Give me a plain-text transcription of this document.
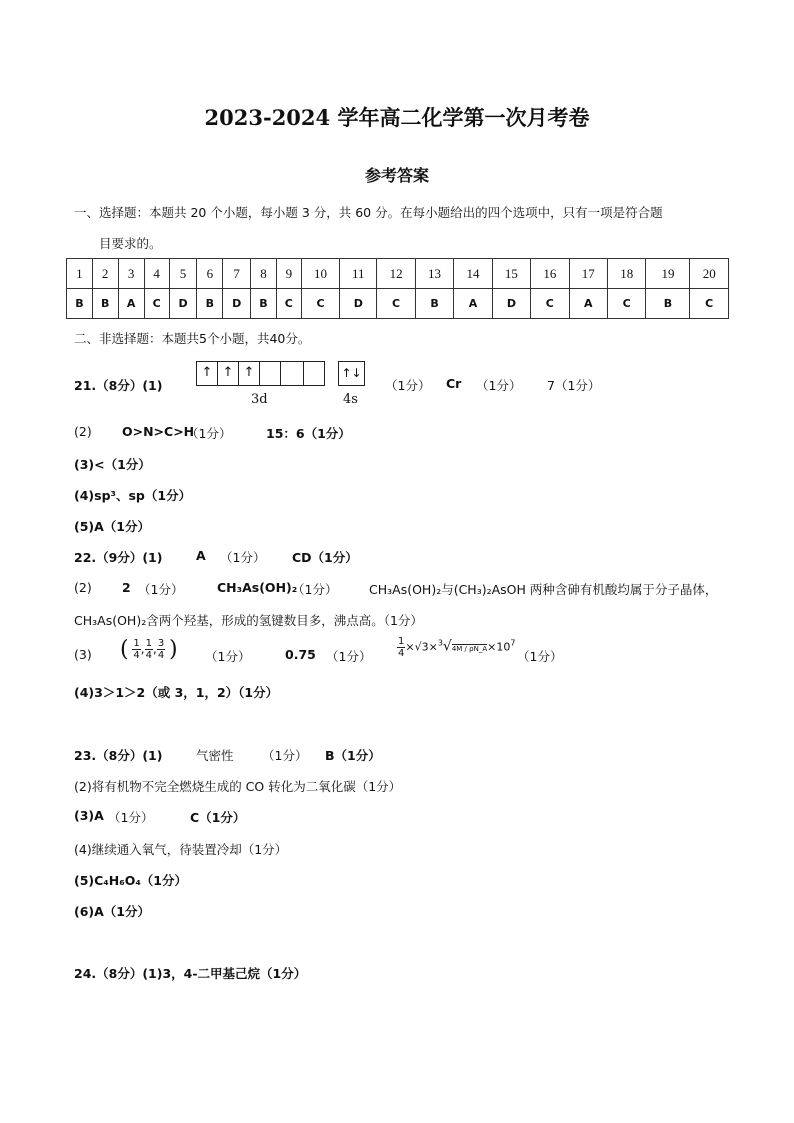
2023-2024 学年高二化学第一次月考卷
参考答案
一、选择题：本题共 20 个小题，每小题 3 分，共 60 分。在每小题给出的四个选项中，只有一项是符合题
目要求的。
1	2	3	4	5	6	7	8	9	10	11	12	13	14	15	16	17	18	19	20
B	B	A	C	D	B	D	B	C	C	D	C	B	A	D	C	A	C	B	C
二、非选择题：本题共5个小题，共40分。
21.（8分）(1)
↑ ↑ ↑	↑↓
3d	4s
（1分） Cr （1分） 7（1分）
(2) O>N>C>H
（1分）	15：6（1分）
(3)<（1分）
(4)sp³、sp（1分）
(5)A（1分）
22.（9分）(1)	A （1分） CD（1分）
(2) 2 （1分）	CH₃As(OH)₂
（1分）	CH₃As(OH)₂与(CH₃)₂AsOH 两种含砷有机酸均属于分子晶体，
CH₃As(OH)₂含两个羟基，形成的氢键数目多，沸点高。（1分）
(3) ( $\frac{1}{4}$ , $\frac{1}{4}$ , $\frac{3}{4}$ ) （1分）	0.75 （1分）	$\frac{1}{4} \times√3\times^3√4M$ / $\rho N\_A\times 10^7$
（1分）
(4)3＞1＞2（或 3，1，2）（1分）
23.（8分）(1)	气密性 （1分） B（1分）
(2)将有机物不完全燃烧生成的 CO 转化为二氧化碳（1分）
(3)A （1分）	C（1分）
(4)继续通入氧气，待装置冷却（1分）
(5)C₄H₆O₄（1分）
(6)A（1分）
24.（8分）(1)3，4-二甲基己烷（1分）
